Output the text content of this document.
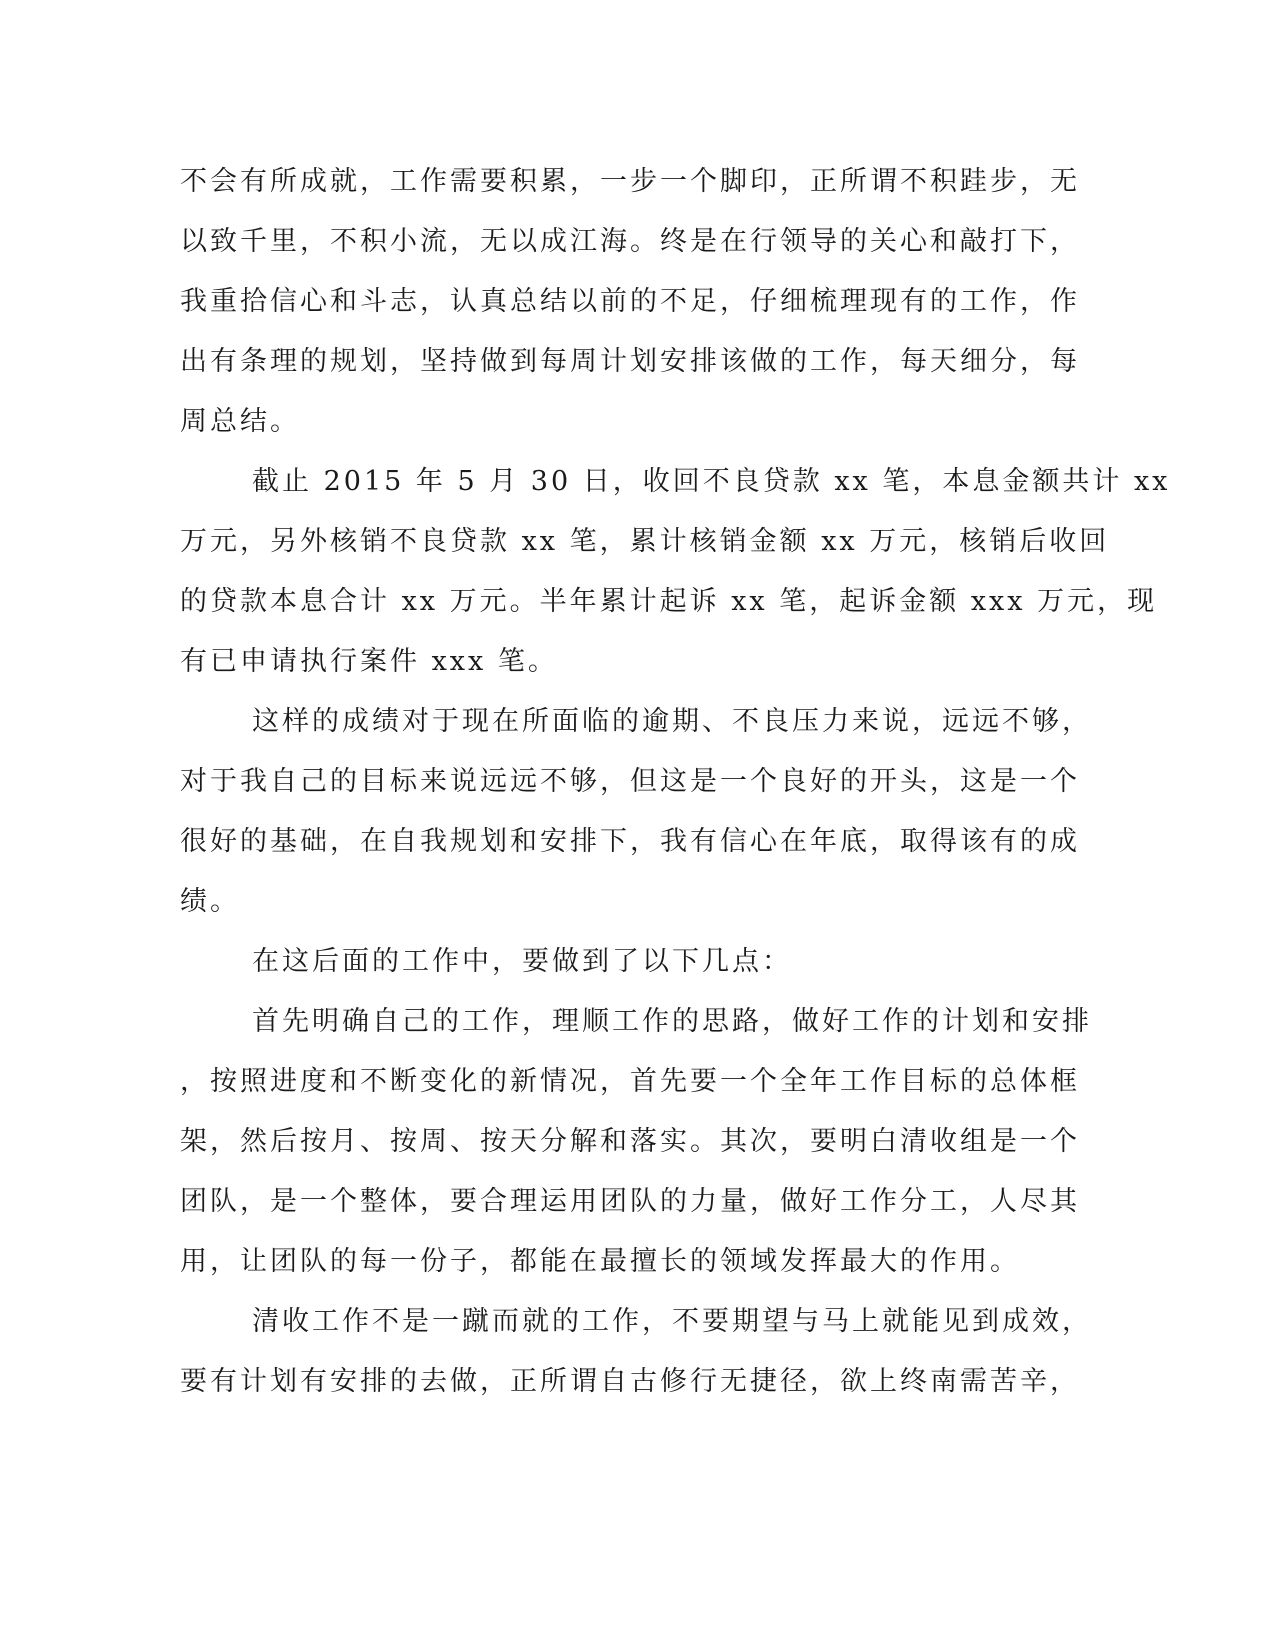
不会有所成就，工作需要积累，一步一个脚印，正所谓不积跬步，无
以致千里，不积小流，无以成江海。终是在行领导的关心和敲打下，
我重拾信心和斗志，认真总结以前的不足，仔细梳理现有的工作，作
出有条理的规划，坚持做到每周计划安排该做的工作，每天细分，每
周总结。
截止 2015 年 5 月 30 日，收回不良贷款 xx 笔，本息金额共计 xx
万元，另外核销不良贷款 xx 笔，累计核销金额 xx 万元，核销后收回
的贷款本息合计 xx 万元。半年累计起诉 xx 笔，起诉金额 xxx 万元，现
有已申请执行案件 xxx 笔。
这样的成绩对于现在所面临的逾期、不良压力来说，远远不够，
对于我自己的目标来说远远不够，但这是一个良好的开头，这是一个
很好的基础，在自我规划和安排下，我有信心在年底，取得该有的成
绩。
在这后面的工作中，要做到了以下几点：
首先明确自己的工作，理顺工作的思路，做好工作的计划和安排
，按照进度和不断变化的新情况，首先要一个全年工作目标的总体框
架，然后按月、按周、按天分解和落实。其次，要明白清收组是一个
团队，是一个整体，要合理运用团队的力量，做好工作分工，人尽其
用，让团队的每一份子，都能在最擅长的领域发挥最大的作用。
清收工作不是一蹴而就的工作，不要期望与马上就能见到成效，
要有计划有安排的去做，正所谓自古修行无捷径，欲上终南需苦辛，
